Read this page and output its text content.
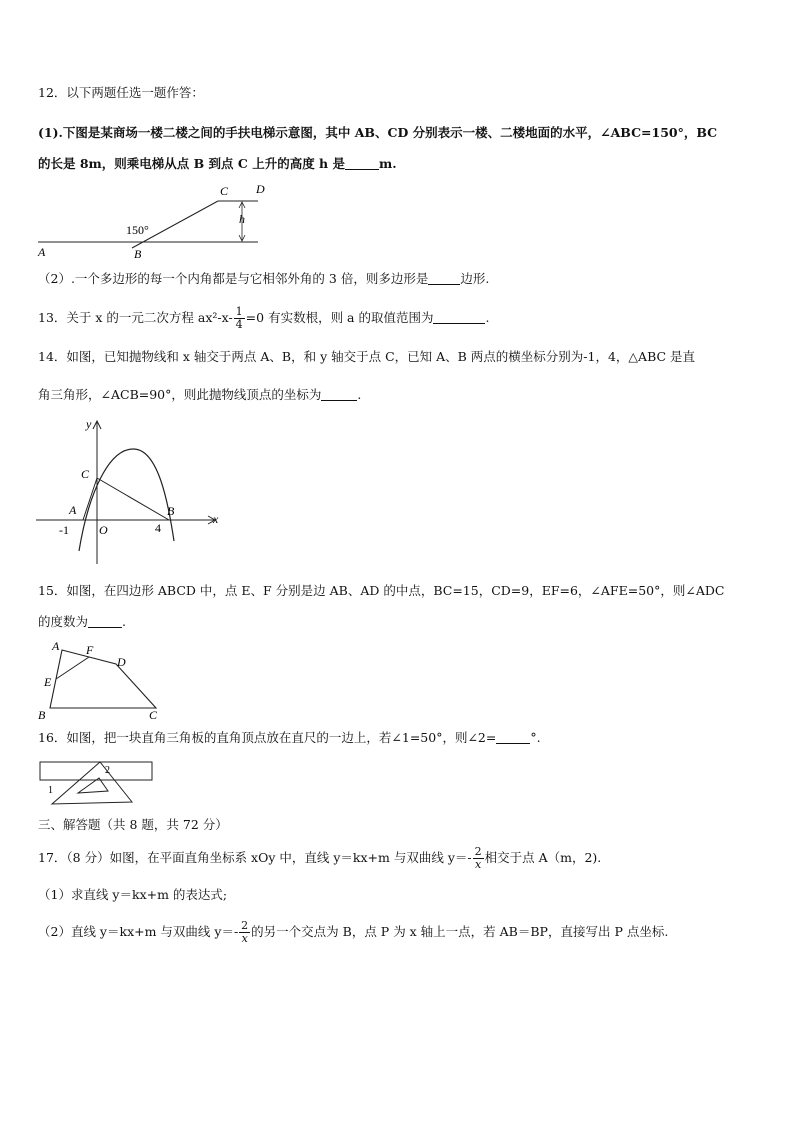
12．以下两题任选一题作答：
(1).下图是某商场一楼二楼之间的手扶电梯示意图，其中 AB、CD 分别表示一楼、二楼地面的水平，∠ABC=150°，BC
的长是 8m，则乘电梯从点 B 到点 C 上升的高度 h 是	m.
A	B
C D
h
150°
（2）.一个多边形的每一个内角都是与它相邻外角的 3 倍，则多边形是	边形.
13．关于 x 的一元二次方程 $ax^2-x- \frac{1}{4} =0$ 有实数根，则 a 的取值范围为	.
14．如图，已知抛物线和 x 轴交于两点 A、B，和 y 轴交于点 C，已知 A、B 两点的横坐标分别为-1，4，△ABC 是直
角三角形，∠ACB=90°，则此抛物线顶点的坐标为	.
y
x
C
A	B
O
-1	4
15．如图，在四边形 ABCD 中，点 E、F 分别是边 AB、AD 的中点，BC=15，CD=9，EF=6，∠AFE=50°，则∠ADC
的度数为	.
A F
D
E
B	C
16．如图，把一块直角三角板的直角顶点放在直尺的一边上，若∠1=50°，则∠2=	°.
2
1
三、解答题（共 8 题，共 72 分）
17．（8 分）如图，在平面直角坐标系 xOy 中，直线 y＝kx+m 与双曲线 $y=- \frac{2}{x}$ 相交于点 A（m，2).
（1）求直线 y＝kx+m 的表达式;
（2）直线 y＝kx+m 与双曲线 $y=- \frac{2}{x}$ 的另一个交点为 B，点 P 为 x 轴上一点，若 AB＝BP，直接写出 P 点坐标.
